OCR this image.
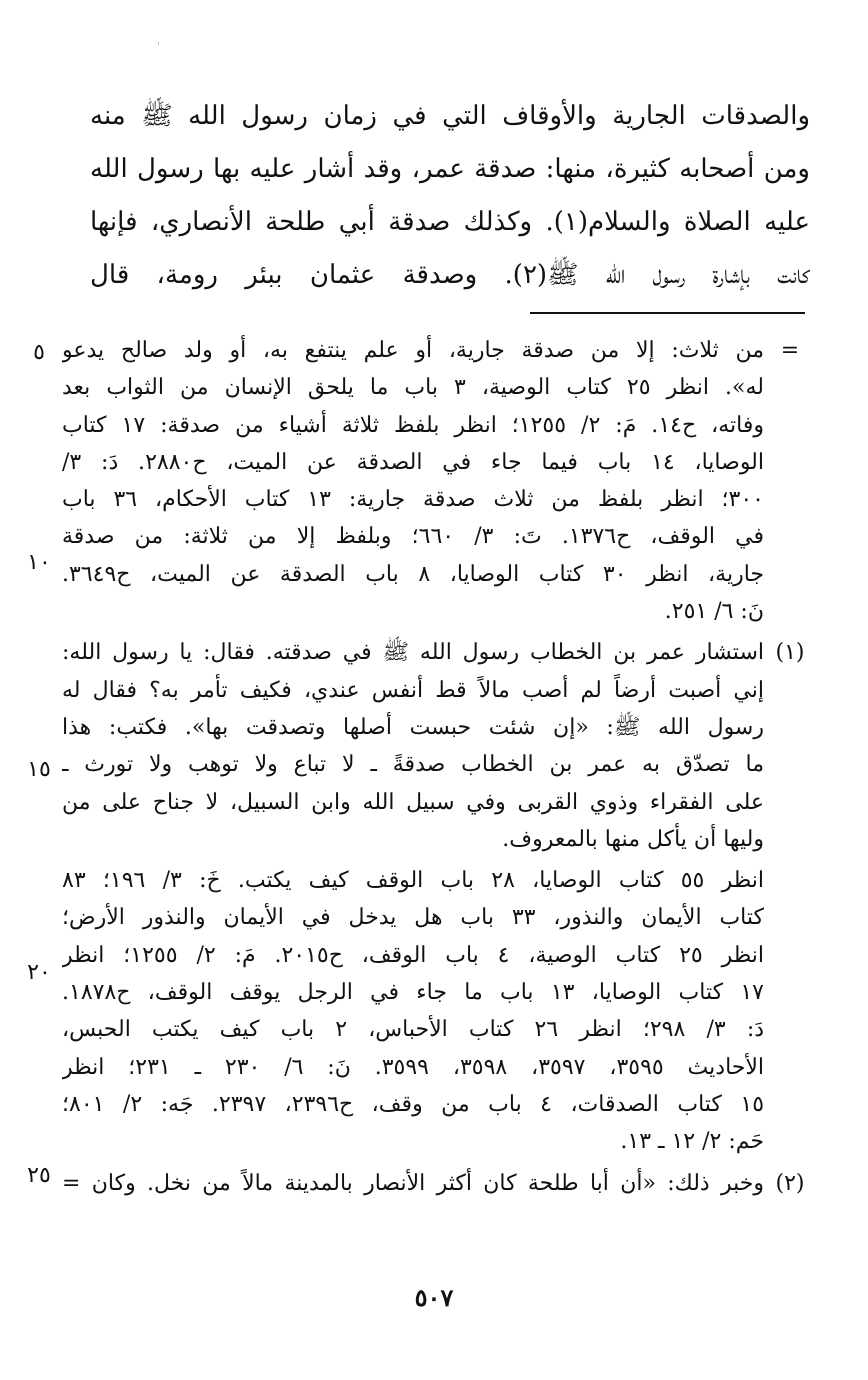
ˈ
والصدقات الجارية والأوقاف التي في زمان رسول الله ﷺ منه
ومن أصحابه كثيرة، منها: صدقة عمر، وقد أشار عليه بها رسول الله
عليه الصلاة والسلام(١). وكذلك صدقة أبي طلحة الأنصاري، فإنها
كانت بإشارة رسول الله ﷺ(٢). وصدقة عثمان ببئر رومة، قال
=
من ثلاث: إلا من صدقة جارية، أو علم ينتفع به، أو ولد صالح يدعو
له». انظر ٢٥ كتاب الوصية، ٣ باب ما يلحق الإنسان من الثواب بعد
وفاته، ح١٤. مَ: ٢/ ١٢٥٥؛ انظر بلفظ ثلاثة أشياء من صدقة: ١٧ كتاب
الوصايا، ١٤ باب فيما جاء في الصدقة عن الميت، ح٢٨٨٠. دَ: ٣/
٣٠٠؛ انظر بلفظ من ثلاث صدقة جارية: ١٣ كتاب الأحكام، ٣٦ باب
في الوقف، ح١٣٧٦. تَ: ٣/ ٦٦٠؛ وبلفظ إلا من ثلاثة: من صدقة
جارية، انظر ٣٠ كتاب الوصايا، ٨ باب الصدقة عن الميت، ح٣٦٤٩.
نَ: ٦/ ٢٥١.
(١)
استشار عمر بن الخطاب رسول الله ﷺ في صدقته. فقال: يا رسول الله:
إني أصبت أرضاً لم أصب مالاً قط أنفس عندي، فكيف تأمر به؟ فقال له
رسول الله ﷺ: «إن شئت حبست أصلها وتصدقت بها». فكتب: هذا
ما تصدّق به عمر بن الخطاب صدقةً ـ لا تباع ولا توهب ولا تورث ـ
على الفقراء وذوي القربى وفي سبيل الله وابن السبيل، لا جناح على من
وليها أن يأكل منها بالمعروف.
انظر ٥٥ كتاب الوصايا، ٢٨ باب الوقف كيف يكتب. خَ: ٣/ ١٩٦؛ ٨٣
كتاب الأيمان والنذور، ٣٣ باب هل يدخل في الأيمان والنذور الأرض؛
انظر ٢٥ كتاب الوصية، ٤ باب الوقف، ح٢٠١٥. مَ: ٢/ ١٢٥٥؛ انظر
١٧ كتاب الوصايا، ١٣ باب ما جاء في الرجل يوقف الوقف، ح١٨٧٨.
دَ: ٣/ ٢٩٨؛ انظر ٢٦ كتاب الأحباس، ٢ باب كيف يكتب الحبس،
الأحاديث ٣٥٩٥، ٣٥٩٧، ٣٥٩٨، ٣٥٩٩. نَ: ٦/ ٢٣٠ ـ ٢٣١؛ انظر
١٥ كتاب الصدقات، ٤ باب من وقف، ح٢٣٩٦، ٢٣٩٧. جَه: ٢/ ٨٠١؛
حَم: ٢/ ١٢ ـ ١٣.
(٢)
وخبر ذلك: «أن أبا طلحة كان أكثر الأنصار بالمدينة مالاً من نخل. وكان =
٥
١٠
١٥
٢٠
٢٥
٥٠٧
